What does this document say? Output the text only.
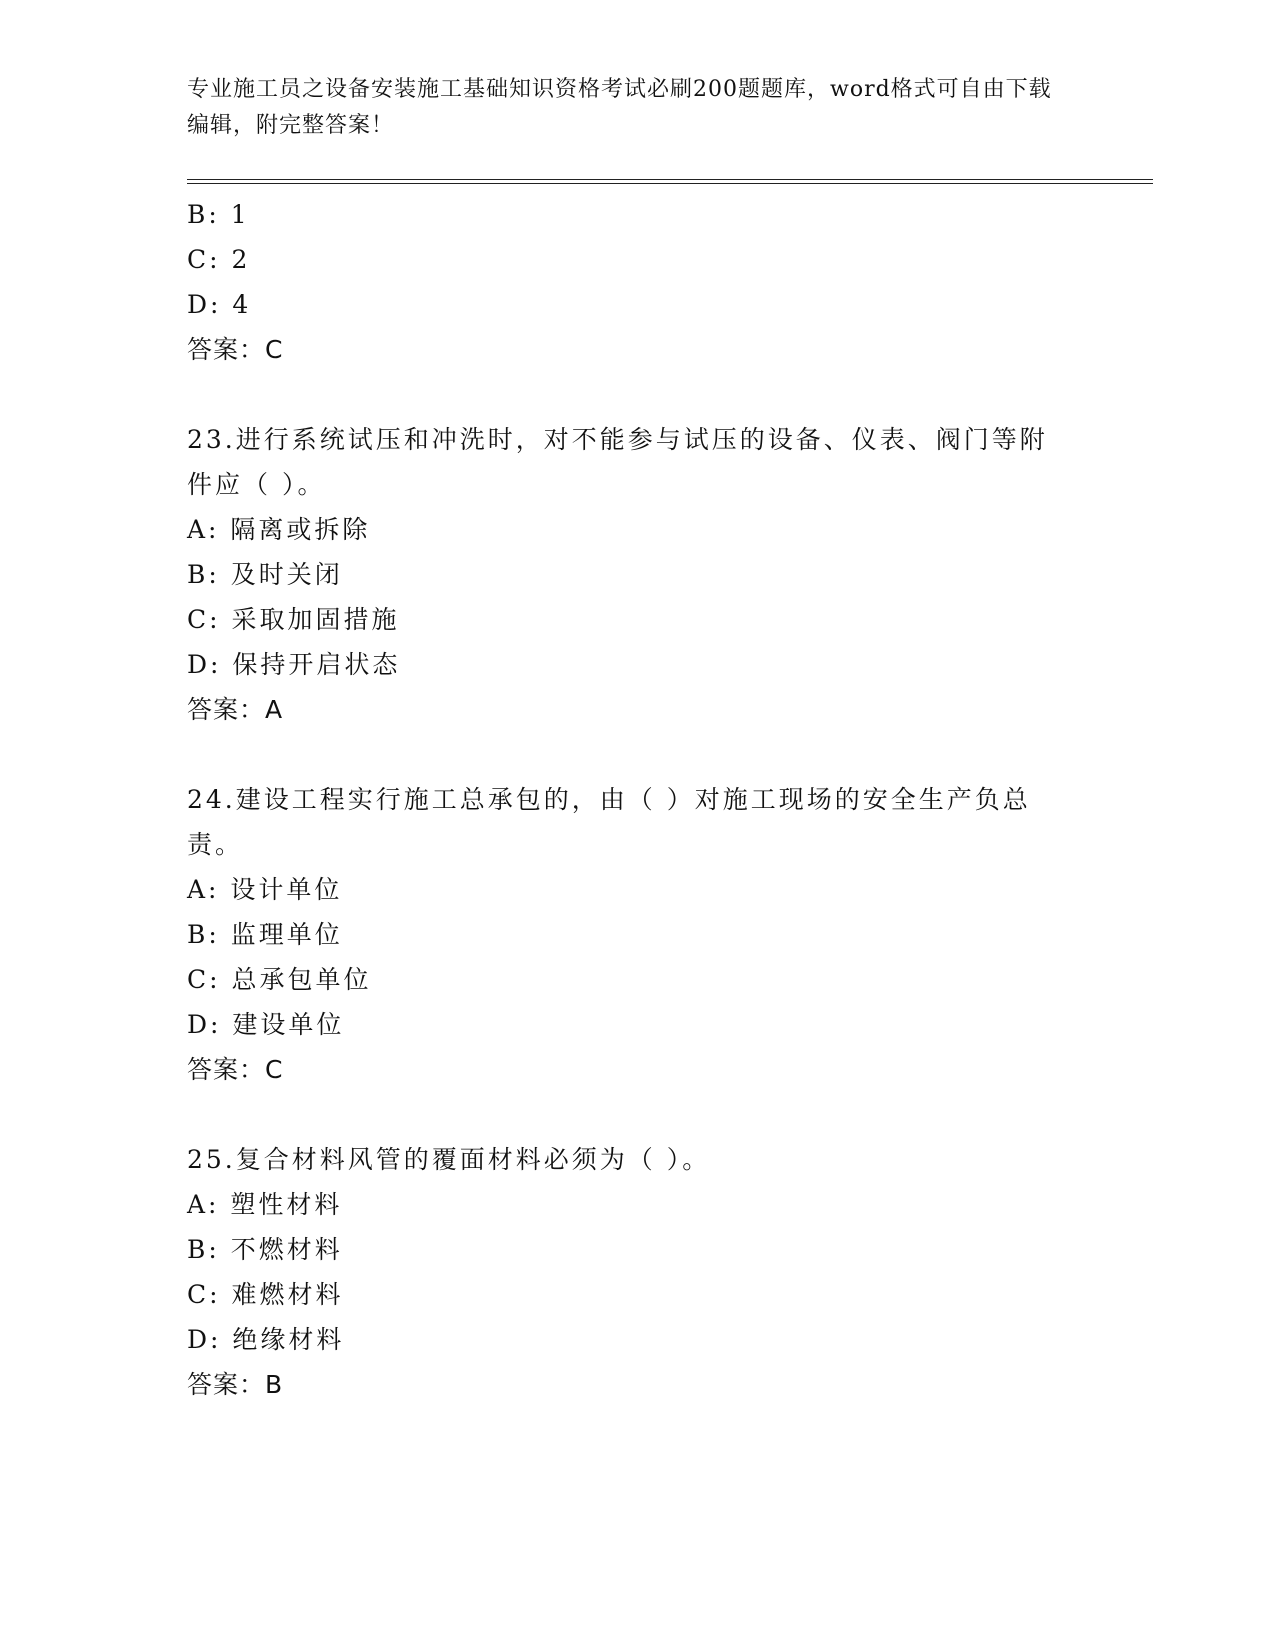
专业施工员之设备安装施工基础知识资格考试必刷200题题库，word格式可自由下载编辑，附完整答案！
B: 1
C: 2
D: 4
答案：C
23.进行系统试压和冲洗时，对不能参与试压的设备、仪表、阀门等附件应（ ）。
A: 隔离或拆除
B: 及时关闭
C: 采取加固措施
D: 保持开启状态
答案：A
24.建设工程实行施工总承包的，由（ ）对施工现场的安全生产负总责。
A: 设计单位
B: 监理单位
C: 总承包单位
D: 建设单位
答案：C
25.复合材料风管的覆面材料必须为（ ）。
A: 塑性材料
B: 不燃材料
C: 难燃材料
D: 绝缘材料
答案：B
